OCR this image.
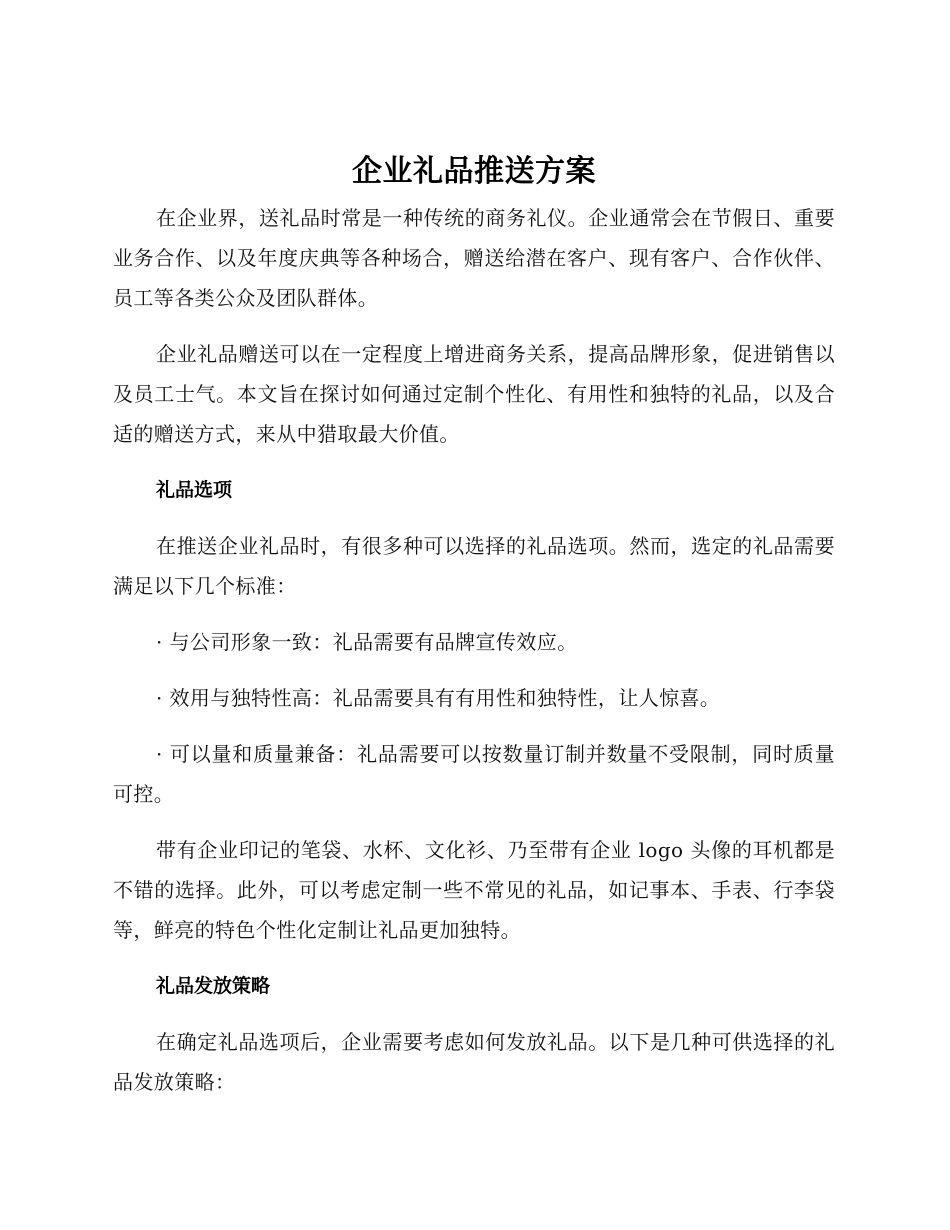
企业礼品推送方案

在企业界，送礼品时常是一种传统的商务礼仪。企业通常会在节假日、重要业务合作、以及年度庆典等各种场合，赠送给潜在客户、现有客户、合作伙伴、员工等各类公众及团队群体。

企业礼品赠送可以在一定程度上增进商务关系，提高品牌形象，促进销售以及员工士气。本文旨在探讨如何通过定制个性化、有用性和独特的礼品，以及合适的赠送方式，来从中猎取最大价值。

礼品选项

在推送企业礼品时，有很多种可以选择的礼品选项。然而，选定的礼品需要满足以下几个标准：

· 与公司形象一致：礼品需要有品牌宣传效应。

· 效用与独特性高：礼品需要具有有用性和独特性，让人惊喜。

· 可以量和质量兼备：礼品需要可以按数量订制并数量不受限制，同时质量可控。

带有企业印记的笔袋、水杯、文化衫、乃至带有企业 logo 头像的耳机都是不错的选择。此外，可以考虑定制一些不常见的礼品，如记事本、手表、行李袋等，鲜亮的特色个性化定制让礼品更加独特。

礼品发放策略

在确定礼品选项后，企业需要考虑如何发放礼品。以下是几种可供选择的礼品发放策略：
